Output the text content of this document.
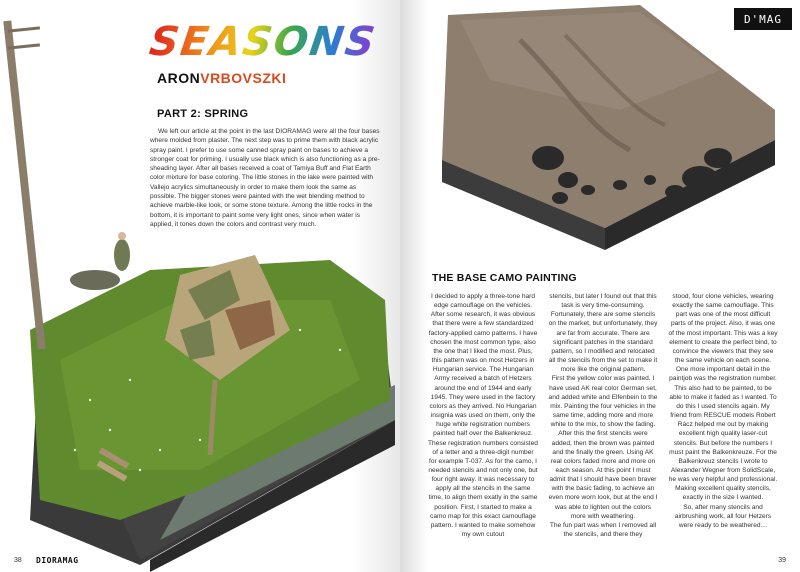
SEASONS
ARONVRBOVSZKI
PART 2: SPRING
We left our article at the point in the last DIORAMAG were all the four bases where molded from plaster. The next step was to prime them with black acrylic spray paint. I prefer to use some canned spray paint on bases to achieve a stronger coat for priming. I usually use black which is also functioning as a pre-sheading layer. After all bases received a coat of Tamiya Buff and Flat Earth color mixture for base coloring. The little stones in the lake were painted with Vallejo acrylics simultaneously in order to make them look the same as possible. The bigger stones were painted with the wet blending method to achieve marble-like look, or some stone texture. Among the little rocks in the bottom, it is important to paint some very light ones, since when water is applied, it tones down the colors and contrast very much.
38 DIORAMAG
D'MAG
THE BASE CAMO PAINTING

I decided to apply a three-tone hard edge camouflage on the vehicles. After some research, it was obvious that there were a few standardized factory-applied camo patterns. I have chosen the most common type, also the one that I liked the most. Plus, this pattern was on most Hetzers in Hungarian service. The Hungarian Army received a batch of Hetzers around the end of 1944 and early 1945. They were used in the factory colors as they arrived. No Hungarian insignia was used on them, only the huge white registration numbers painted half over the Balkenkreuz. These registration numbers consisted of a letter and a three-digit number for example T-037. As for the camo, I needed stencils and not only one, but four right away. It was necessary to apply all the stencils in the same time, to align them exatly in the same position. First, I started to make a camo map for this exact camouflage pattern. I wanted to make somehow my own cutout

stencils, but later I found out that this task is very time-consuming. Fortunately, there are some stencils on the market, but unfortunately, they are far from accurate. There are significant patches in the standard pattern, so I modified and relocated all the stencils from the set to make it more like the original pattern.

First the yellow color was painted. I have used AK real color German set, and added white and Elfenbein to the mix. Painting the four vehicles in the same time, adding more and more white to the mix, to show the fading. After this the first stencils were added, then the brown was painted and the finally the green. Using AK real colors faded more and more on each season. At this point I must admit that I should have been braver with the basic fading, to achieve an even more worn look, but at the end I was able to lighten out the colors more with weathering.

The fun part was when I removed all the stencils, and there they

stood, four clone vehicles, wearing exactly the same camouflage. This part was one of the most difficult parts of the project. Also, it was one of the most important. This was a key element to create the perfect bind, to convince the viewers that they see the same vehicle on each scene. One more important detail in the paintjob was the registration number. This also had to be painted, to be able to make it faded as I wanted. To do this I used stencils again. My friend from RESCUE models Robert Rácz helped me out by making excellent high quality laser-cut stencils. But before the numbers I must paint the Balkenkreuze. For the Balkenkreuz stencils I wrote to Alexander Wegner from SolidScale, he was very helpful and professional. Making excellent quality stencils, exactly in the size I wanted.

So, after many stencils and airbrushing work, all four Hetzers were ready to be weathered…

39
